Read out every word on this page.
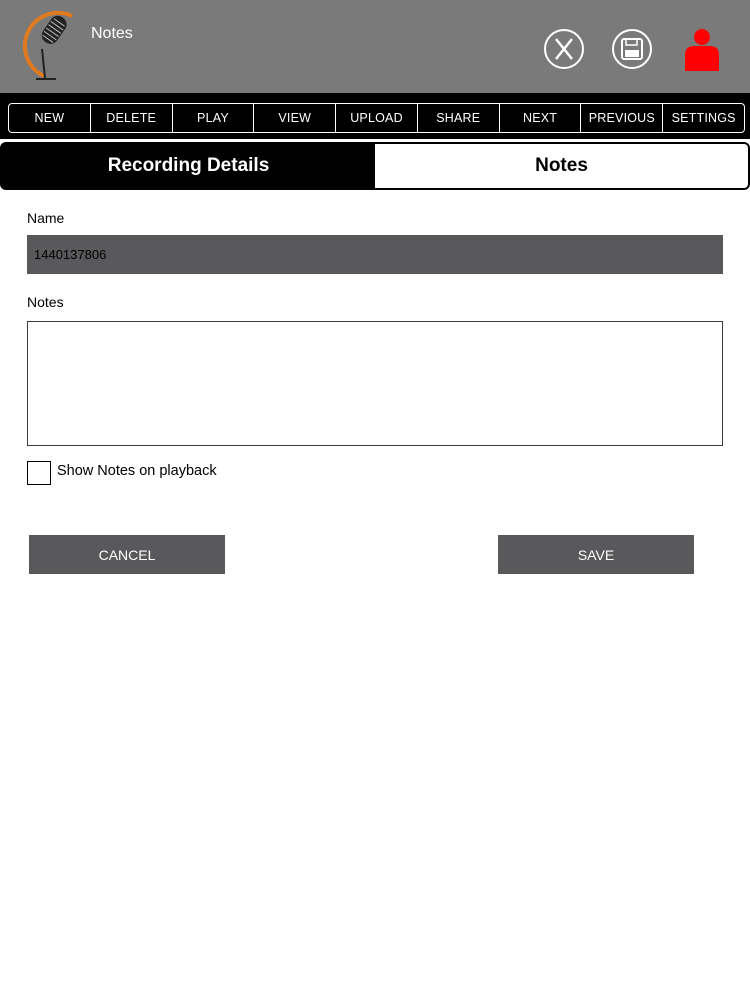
Notes
NEW	DELETE	PLAY	VIEW	UPLOAD	SHARE	NEXT	PREVIOUS	SETTINGS
Recording Details	Notes
Name
1440137806
Notes
Show Notes on playback
CANCEL	SAVE
